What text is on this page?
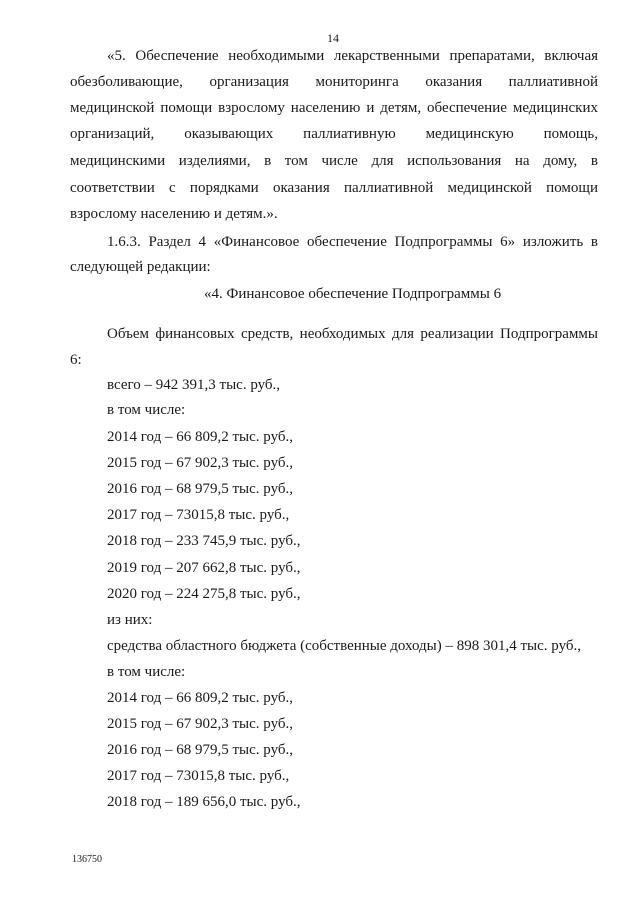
14
«5. Обеспечение необходимыми лекарственными препаратами, включая
обезболивающие, организация мониторинга оказания паллиативной
медицинской помощи взрослому населению и детям, обеспечение медицинских
организаций, оказывающих паллиативную медицинскую помощь,
медицинскими изделиями, в том числе для использования на дому, в
соответствии с порядками оказания паллиативной медицинской помощи
взрослому населению и детям.».
1.6.3. Раздел 4 «Финансовое обеспечение Подпрограммы 6» изложить в
следующей редакции:
«4. Финансовое обеспечение Подпрограммы 6
Объем финансовых средств, необходимых для реализации Подпрограммы
6:
всего – 942 391,3 тыс. руб.,
в том числе:
2014 год – 66 809,2 тыс. руб.,
2015 год – 67 902,3 тыс. руб.,
2016 год – 68 979,5 тыс. руб.,
2017 год – 73015,8 тыс. руб.,
2018 год – 233 745,9 тыс. руб.,
2019 год – 207 662,8 тыс. руб.,
2020 год – 224 275,8 тыс. руб.,
из них:
средства областного бюджета (собственные доходы) – 898 301,4 тыс. руб.,
в том числе:
2014 год – 66 809,2 тыс. руб.,
2015 год – 67 902,3 тыс. руб.,
2016 год – 68 979,5 тыс. руб.,
2017 год – 73015,8 тыс. руб.,
2018 год – 189 656,0 тыс. руб.,
136750
